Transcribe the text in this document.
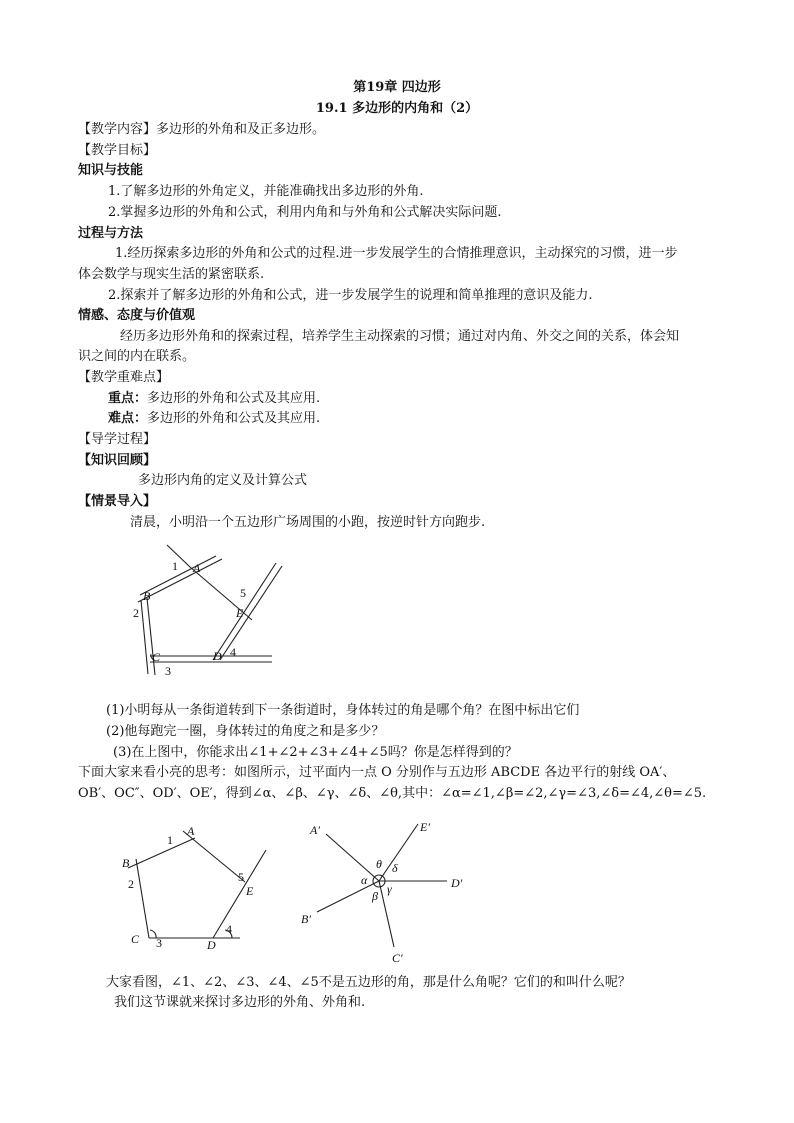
第19章 四边形
19.1 多边形的内角和（2）
【教学内容】多边形的外角和及正多边形。
【教学目标】
知识与技能
1.了解多边形的外角定义，并能准确找出多边形的外角.
2.掌握多边形的外角和公式，利用内角和与外角和公式解决实际问题.
过程与方法
1.经历探索多边形的外角和公式的过程.进一步发展学生的合情推理意识，主动探究的习惯，进一步
体会数学与现实生活的紧密联系.
2.探索并了解多边形的外角和公式，进一步发展学生的说理和简单推理的意识及能力.
情感、态度与价值观
经历多边形外角和的探索过程，培养学生主动探索的习惯；通过对内角、外交之间的关系，体会知
识之间的内在联系。
【教学重难点】
重点：多边形的外角和公式及其应用.
难点：多边形的外角和公式及其应用.
【导学过程】
【知识回顾】
多边形内角的定义及计算公式
【情景导入】
清晨，小明沿一个五边形广场周围的小跑，按逆时针方向跑步.
A
B
C	D
E
1
2
3
4
5
(1)小明每从一条街道转到下一条街道时，身体转过的角是哪个角？在图中标出它们
(2)他每跑完一圈，身体转过的角度之和是多少？
(3)在上图中，你能求出∠1+∠2+∠3+∠4+∠5吗？你是怎样得到的？
下面大家来看小亮的思考：如图所示，过平面内一点 O 分别作与五边形 ABCDE 各边平行的射线 OA′、
OB′、OC″、OD′、OE′，得到∠α、∠β、∠γ、∠δ、∠θ,其中：∠α=∠1,∠β=∠2,∠γ=∠3,∠δ=∠4,∠θ=∠5.
A
B
C	D
E
1
2
3
4
5
A′
B′
C′
D′
E′
α
β γ
δ
θ
大家看图，∠1、∠2、∠3、∠4、∠5不是五边形的角，那是什么角呢？它们的和叫什么呢？
我们这节课就来探讨多边形的外角、外角和.
